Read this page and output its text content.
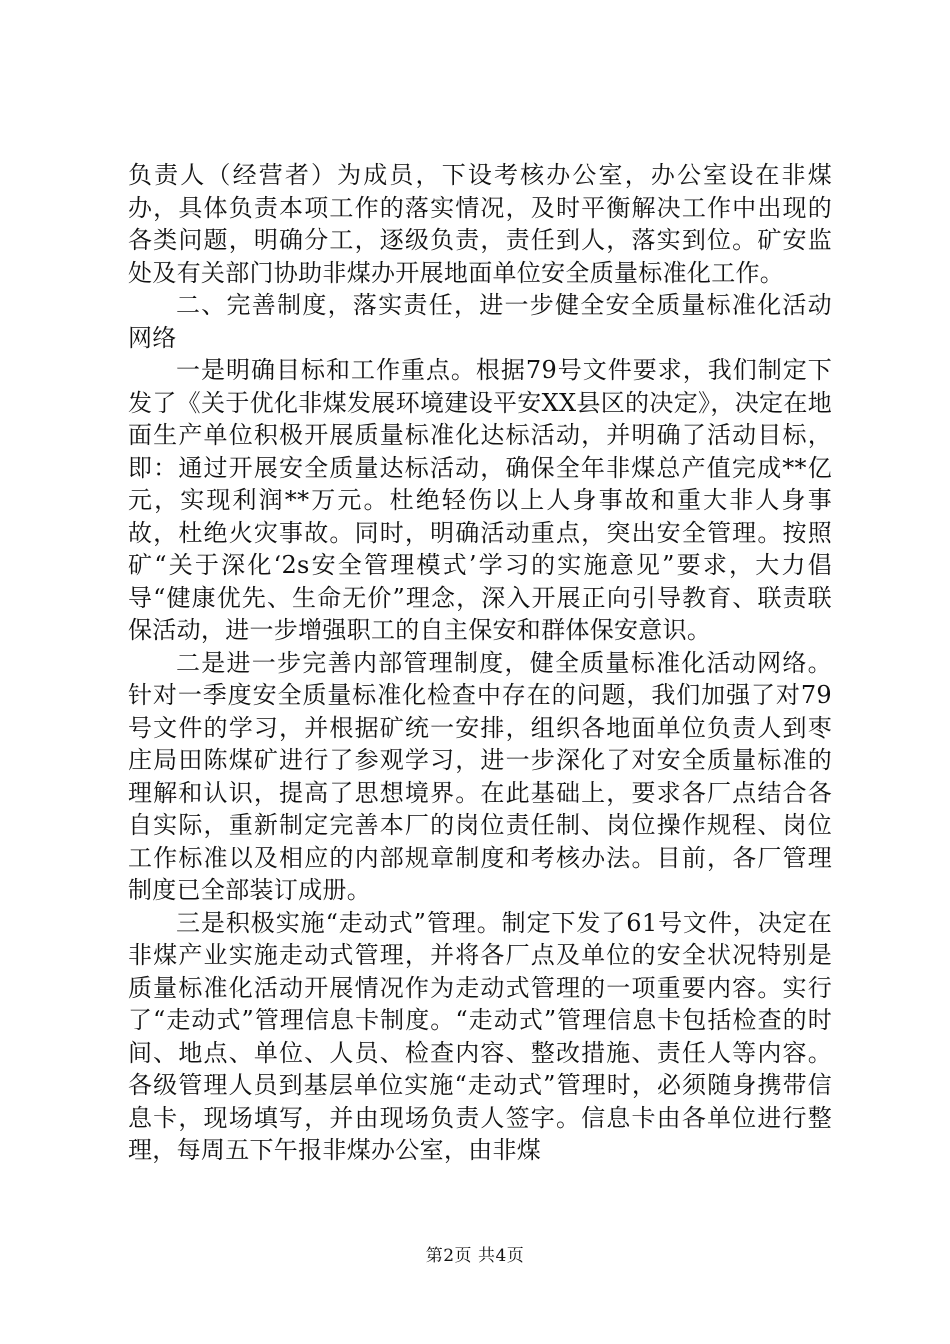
负责人（经营者）为成员，下设考核办公室，办公室设在非煤办，具体负责本项工作的落实情况，及时平衡解决工作中出现的各类问题，明确分工，逐级负责，责任到人，落实到位。矿安监处及有关部门协助非煤办开展地面单位安全质量标准化工作。

二、完善制度，落实责任，进一步健全安全质量标准化活动网络

一是明确目标和工作重点。根据79号文件要求，我们制定下发了《关于优化非煤发展环境建设平安XX县区的决定》，决定在地面生产单位积极开展质量标准化达标活动，并明确了活动目标，即：通过开展安全质量达标活动，确保全年非煤总产值完成**亿元，实现利润**万元。杜绝轻伤以上人身事故和重大非人身事故，杜绝火灾事故。同时，明确活动重点，突出安全管理。按照矿“关于深化‘2s安全管理模式’学习的实施意见”要求，大力倡导“健康优先、生命无价”理念，深入开展正向引导教育、联责联保活动，进一步增强职工的自主保安和群体保安意识。

二是进一步完善内部管理制度，健全质量标准化活动网络。针对一季度安全质量标准化检查中存在的问题，我们加强了对79号文件的学习，并根据矿统一安排，组织各地面单位负责人到枣庄局田陈煤矿进行了参观学习，进一步深化了对安全质量标准的理解和认识，提高了思想境界。在此基础上，要求各厂点结合各自实际，重新制定完善本厂的岗位责任制、岗位操作规程、岗位工作标准以及相应的内部规章制度和考核办法。目前，各厂管理制度已全部装订成册。

三是积极实施“走动式”管理。制定下发了61号文件，决定在非煤产业实施走动式管理，并将各厂点及单位的安全状况特别是质量标准化活动开展情况作为走动式管理的一项重要内容。实行了“走动式”管理信息卡制度。“走动式”管理信息卡包括检查的时间、地点、单位、人员、检查内容、整改措施、责任人等内容。各级管理人员到基层单位实施“走动式”管理时，必须随身携带信息卡，现场填写，并由现场负责人签字。信息卡由各单位进行整理，每周五下午报非煤办公室，由非煤

第2页 共4页
